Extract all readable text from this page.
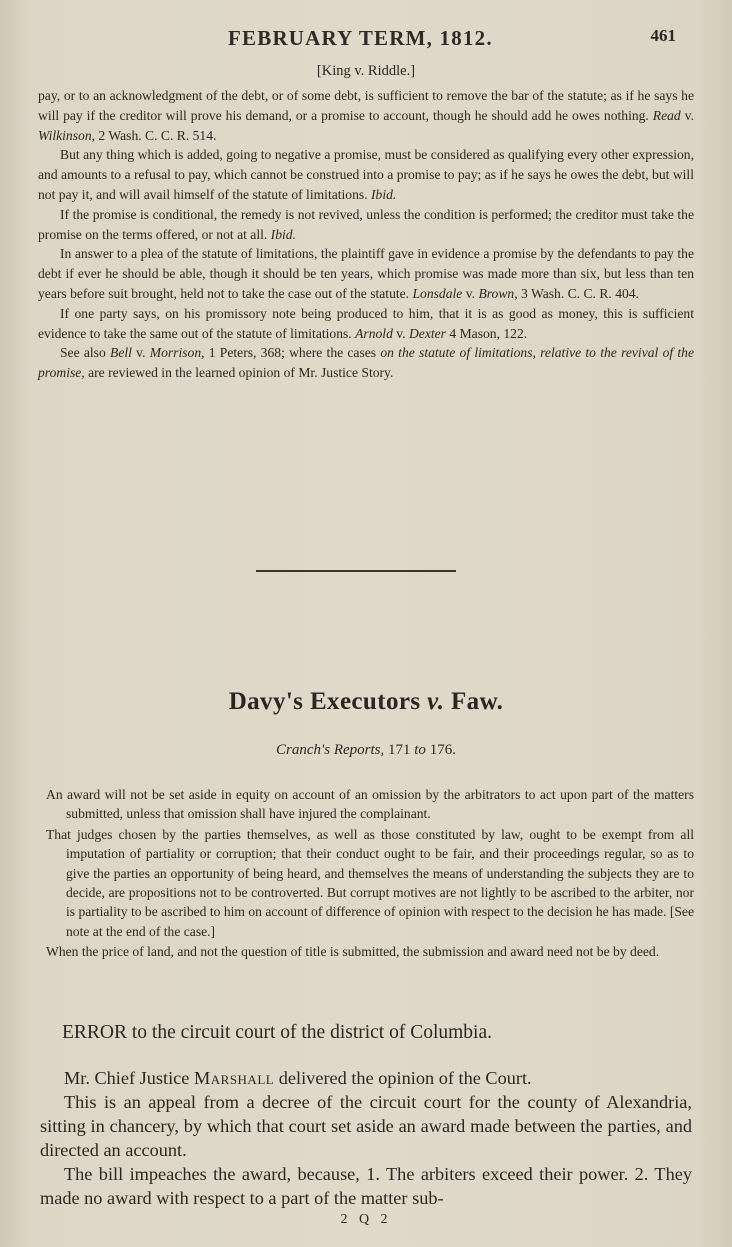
FEBRUARY TERM, 1812.	461
[King v. Riddle.]

pay, or to an acknowledgment of the debt, or of some debt, is sufficient to remove the bar of the statute; as if he says he will pay if the creditor will prove his demand, or a promise to account, though he should add he owes nothing. Read v. Wilkinson, 2 Wash. C. C. R. 514.

But any thing which is added, going to negative a promise, must be considered as qualifying every other expression, and amounts to a refusal to pay, which cannot be construed into a promise to pay; as if he says he owes the debt, but will not pay it, and will avail himself of the statute of limitations. Ibid.

If the promise is conditional, the remedy is not revived, unless the condition is performed; the creditor must take the promise on the terms offered, or not at all. Ibid.

In answer to a plea of the statute of limitations, the plaintiff gave in evidence a promise by the defendants to pay the debt if ever he should be able, though it should be ten years, which promise was made more than six, but less than ten years before suit brought, held not to take the case out of the statute. Lonsdale v. Brown, 3 Wash. C. C. R. 404.

If one party says, on his promissory note being produced to him, that it is as good as money, this is sufficient evidence to take the same out of the statute of limitations. Arnold v. Dexter 4 Mason, 122.

See also Bell v. Morrison, 1 Peters, 368; where the cases on the statute of limitations, relative to the revival of the promise, are reviewed in the learned opinion of Mr. Justice Story.

Davy's Executors v. Faw.
Cranch's Reports, 171 to 176.

An award will not be set aside in equity on account of an omission by the arbitrators to act upon part of the matters submitted, unless that omission shall have injured the complainant.

That judges chosen by the parties themselves, as well as those constituted by law, ought to be exempt from all imputation of partiality or corruption; that their conduct ought to be fair, and their proceedings regular, so as to give the parties an opportunity of being heard, and themselves the means of understanding the subjects they are to decide, are propositions not to be controverted. But corrupt motives are not lightly to be ascribed to the arbiter, nor is partiality to be ascribed to him on account of difference of opinion with respect to the decision he has made. [See note at the end of the case.]

When the price of land, and not the question of title is submitted, the submission and award need not be by deed.

ERROR to the circuit court of the district of Columbia.

Mr. Chief Justice Marshall delivered the opinion of the Court.

This is an appeal from a decree of the circuit court for the county of Alexandria, sitting in chancery, by which that court set aside an award made between the parties, and directed an account.

The bill impeaches the award, because, 1. The arbiters exceed their power. 2. They made no award with respect to a part of the matter sub-

2 Q 2
